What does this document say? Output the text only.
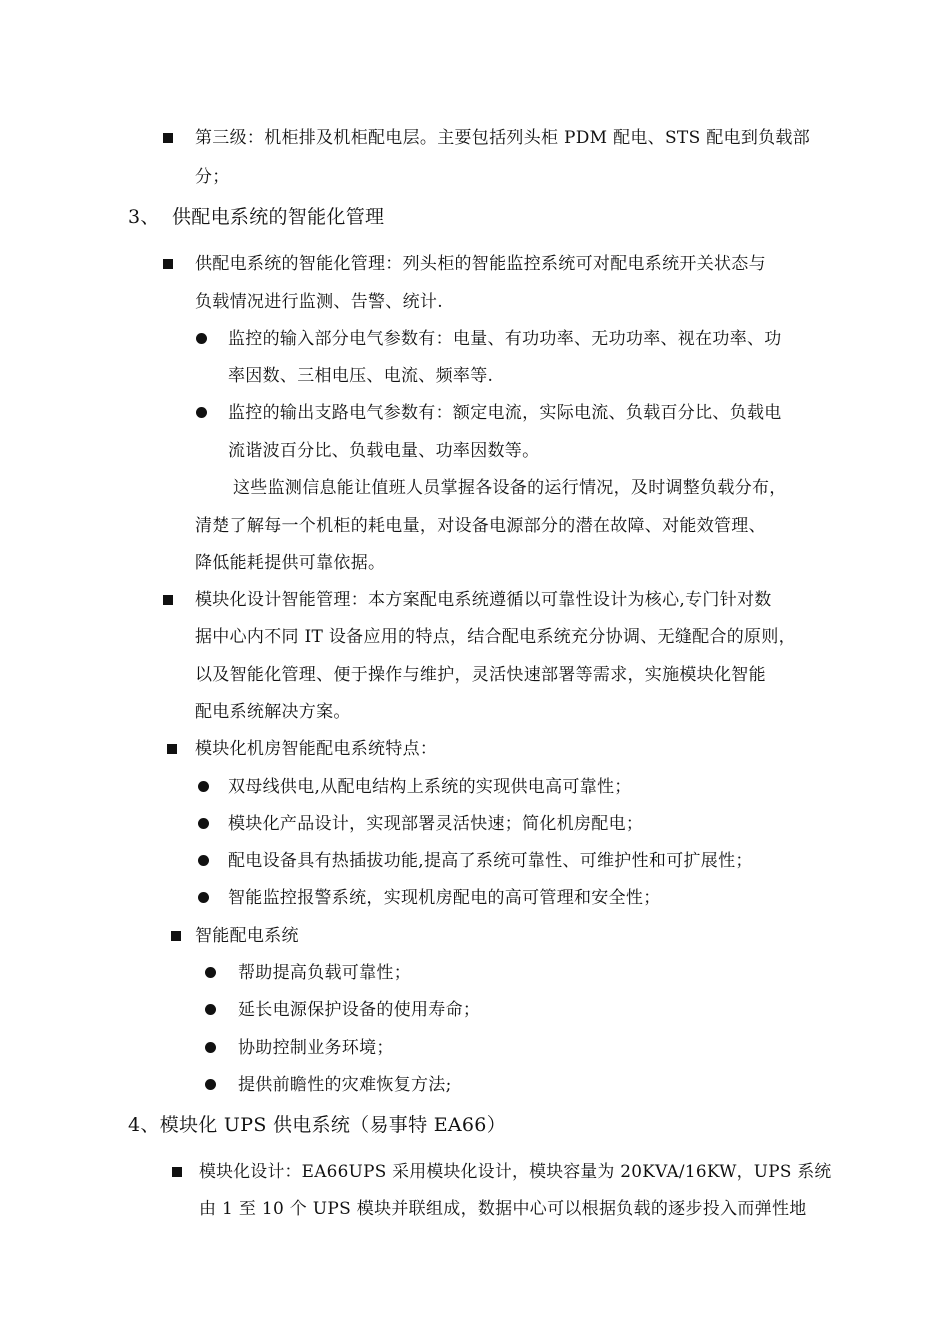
第三级：机柜排及机柜配电层。主要包括列头柜 PDM 配电、STS 配电到负载部
分；
3、 供配电系统的智能化管理
供配电系统的智能化管理：列头柜的智能监控系统可对配电系统开关状态与
负载情况进行监测、告警、统计.
监控的输入部分电气参数有：电量、有功功率、无功功率、视在功率、功
率因数、三相电压、电流、频率等.
监控的输出支路电气参数有：额定电流，实际电流、负载百分比、负载电
流谐波百分比、负载电量、功率因数等。
这些监测信息能让值班人员掌握各设备的运行情况，及时调整负载分布，
清楚了解每一个机柜的耗电量，对设备电源部分的潜在故障、对能效管理、
降低能耗提供可靠依据。
模块化设计智能管理：本方案配电系统遵循以可靠性设计为核心,专门针对数
据中心内不同 IT 设备应用的特点，结合配电系统充分协调、无缝配合的原则，
以及智能化管理、便于操作与维护，灵活快速部署等需求，实施模块化智能
配电系统解决方案。
模块化机房智能配电系统特点：
双母线供电,从配电结构上系统的实现供电高可靠性；
模块化产品设计，实现部署灵活快速；简化机房配电；
配电设备具有热插拔功能,提高了系统可靠性、可维护性和可扩展性；
智能监控报警系统，实现机房配电的高可管理和安全性；
智能配电系统
帮助提高负载可靠性；
延长电源保护设备的使用寿命；
协助控制业务环境；
提供前瞻性的灾难恢复方法;
4、模块化 UPS 供电系统（易事特 EA66）
模块化设计：EA66UPS 采用模块化设计，模块容量为 20KVA/16KW，UPS 系统
由 1 至 10 个 UPS 模块并联组成，数据中心可以根据负载的逐步投入而弹性地
